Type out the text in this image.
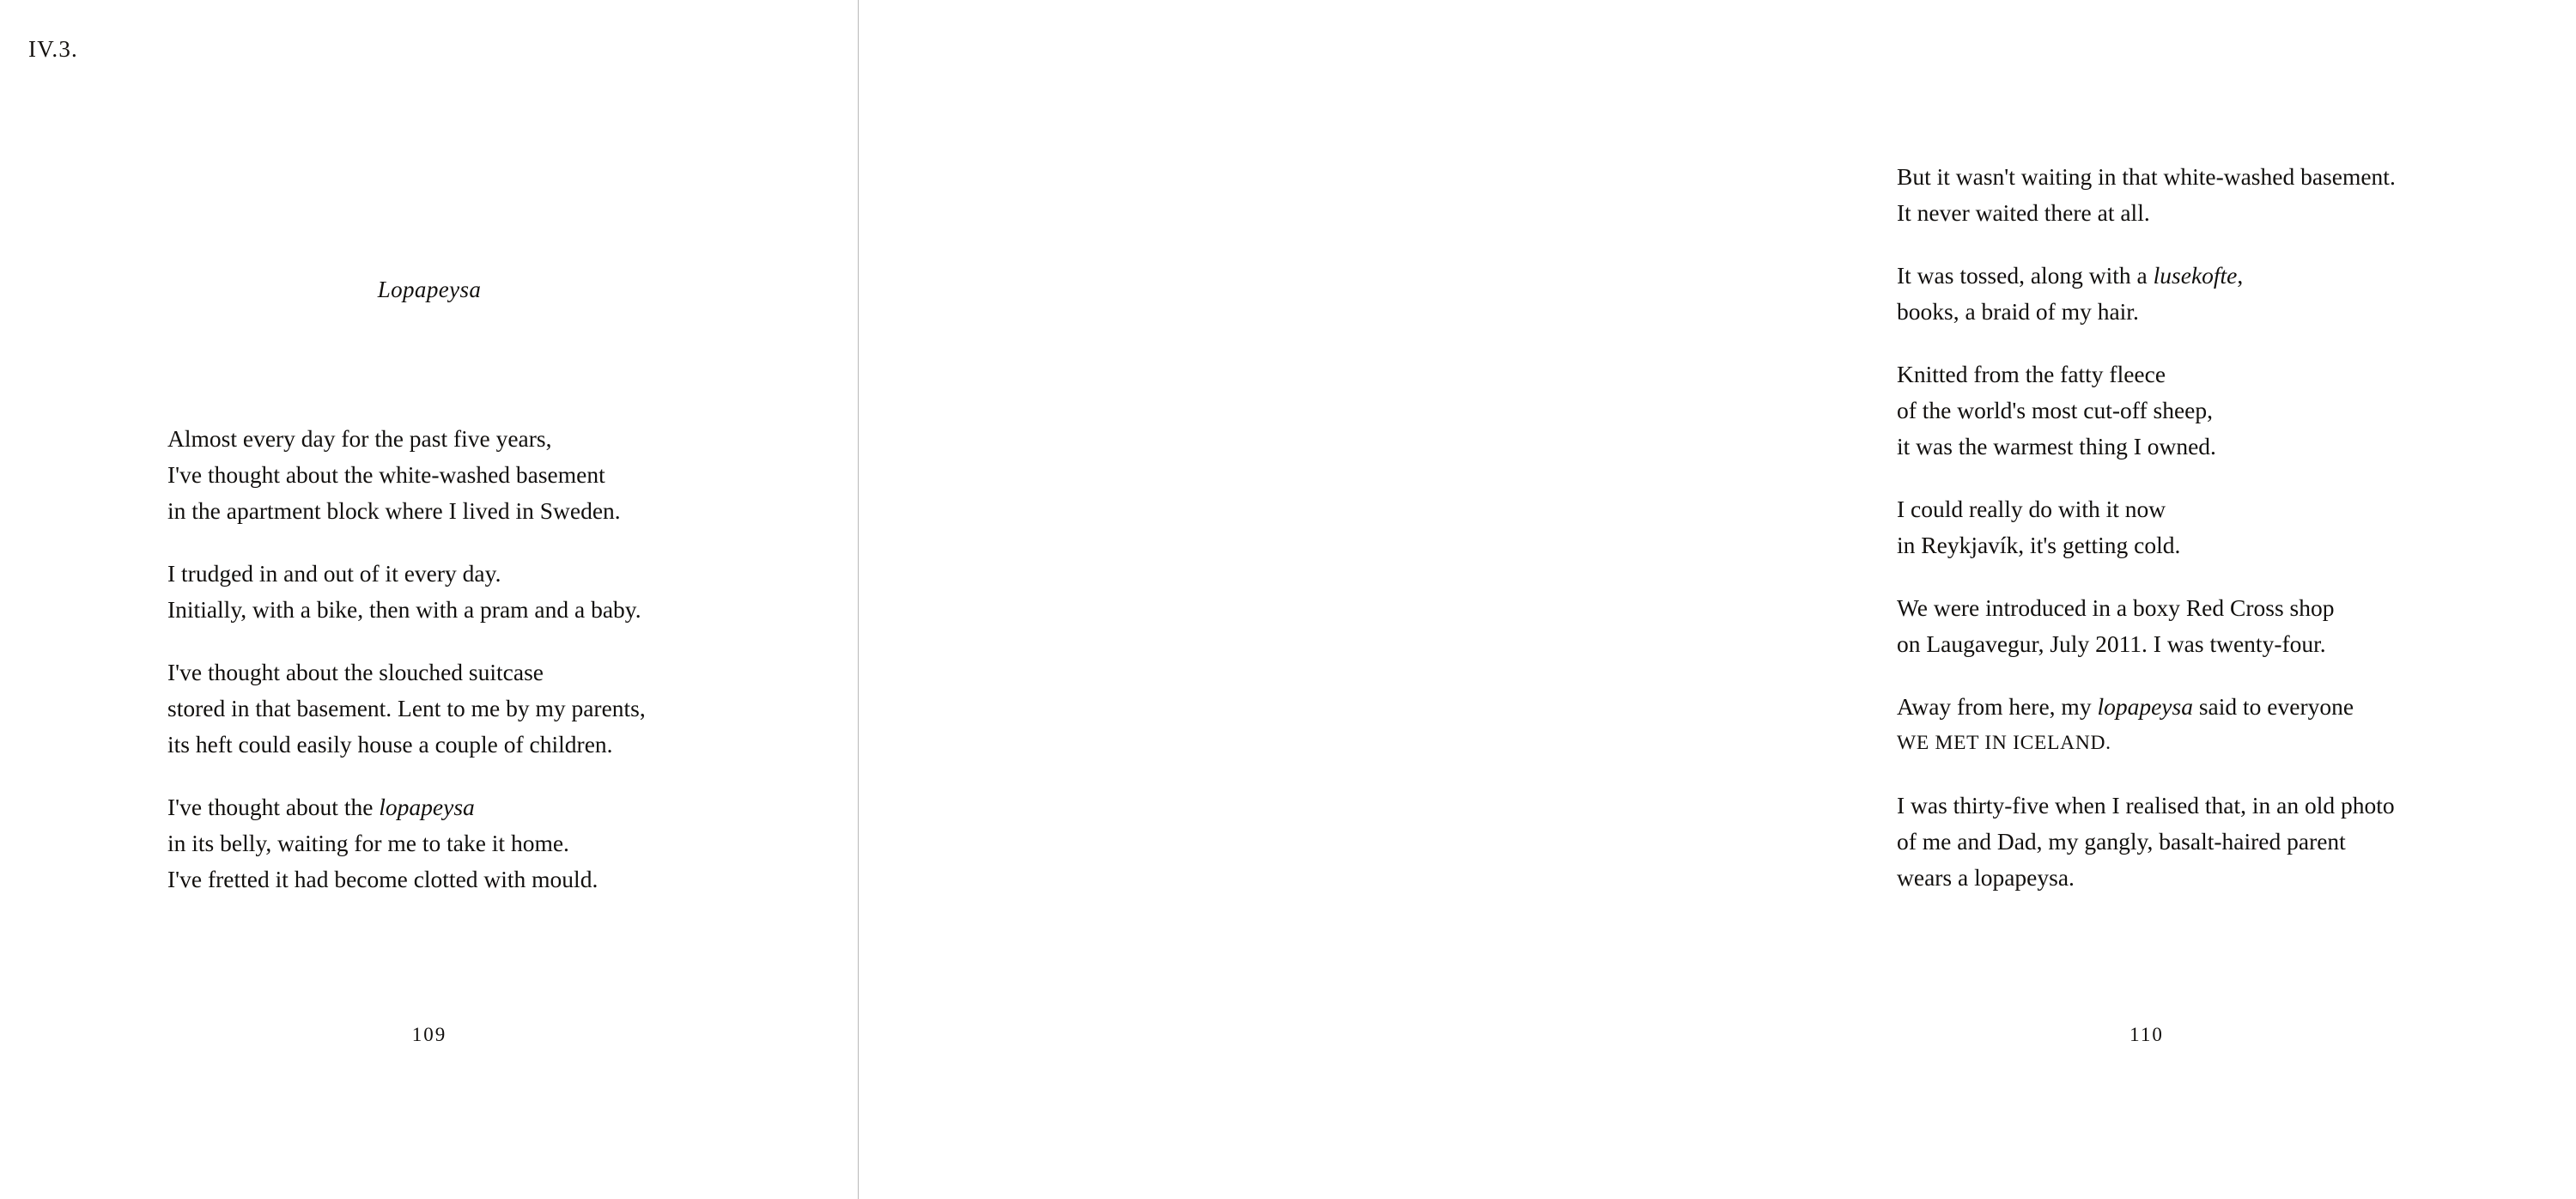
IV.3.
Lopapeysa
Almost every day for the past five years,
I've thought about the white-washed basement
in the apartment block where I lived in Sweden.
I trudged in and out of it every day.
Initially, with a bike, then with a pram and a baby.
I've thought about the slouched suitcase
stored in that basement. Lent to me by my parents,
its heft could easily house a couple of children.
I've thought about the lopapeysa
in its belly, waiting for me to take it home.
I've fretted it had become clotted with mould.
109
But it wasn't waiting in that white-washed basement.
It never waited there at all.
It was tossed, along with a lusekofte,
books, a braid of my hair.
Knitted from the fatty fleece
of the world's most cut-off sheep,
it was the warmest thing I owned.
I could really do with it now
in Reykjavík, it's getting cold.
We were introduced in a boxy Red Cross shop
on Laugavegur, July 2011. I was twenty-four.
Away from here, my lopapeysa said to everyone
WE MET IN ICELAND.
I was thirty-five when I realised that, in an old photo
of me and Dad, my gangly, basalt-haired parent
wears a lopapeysa.
110
